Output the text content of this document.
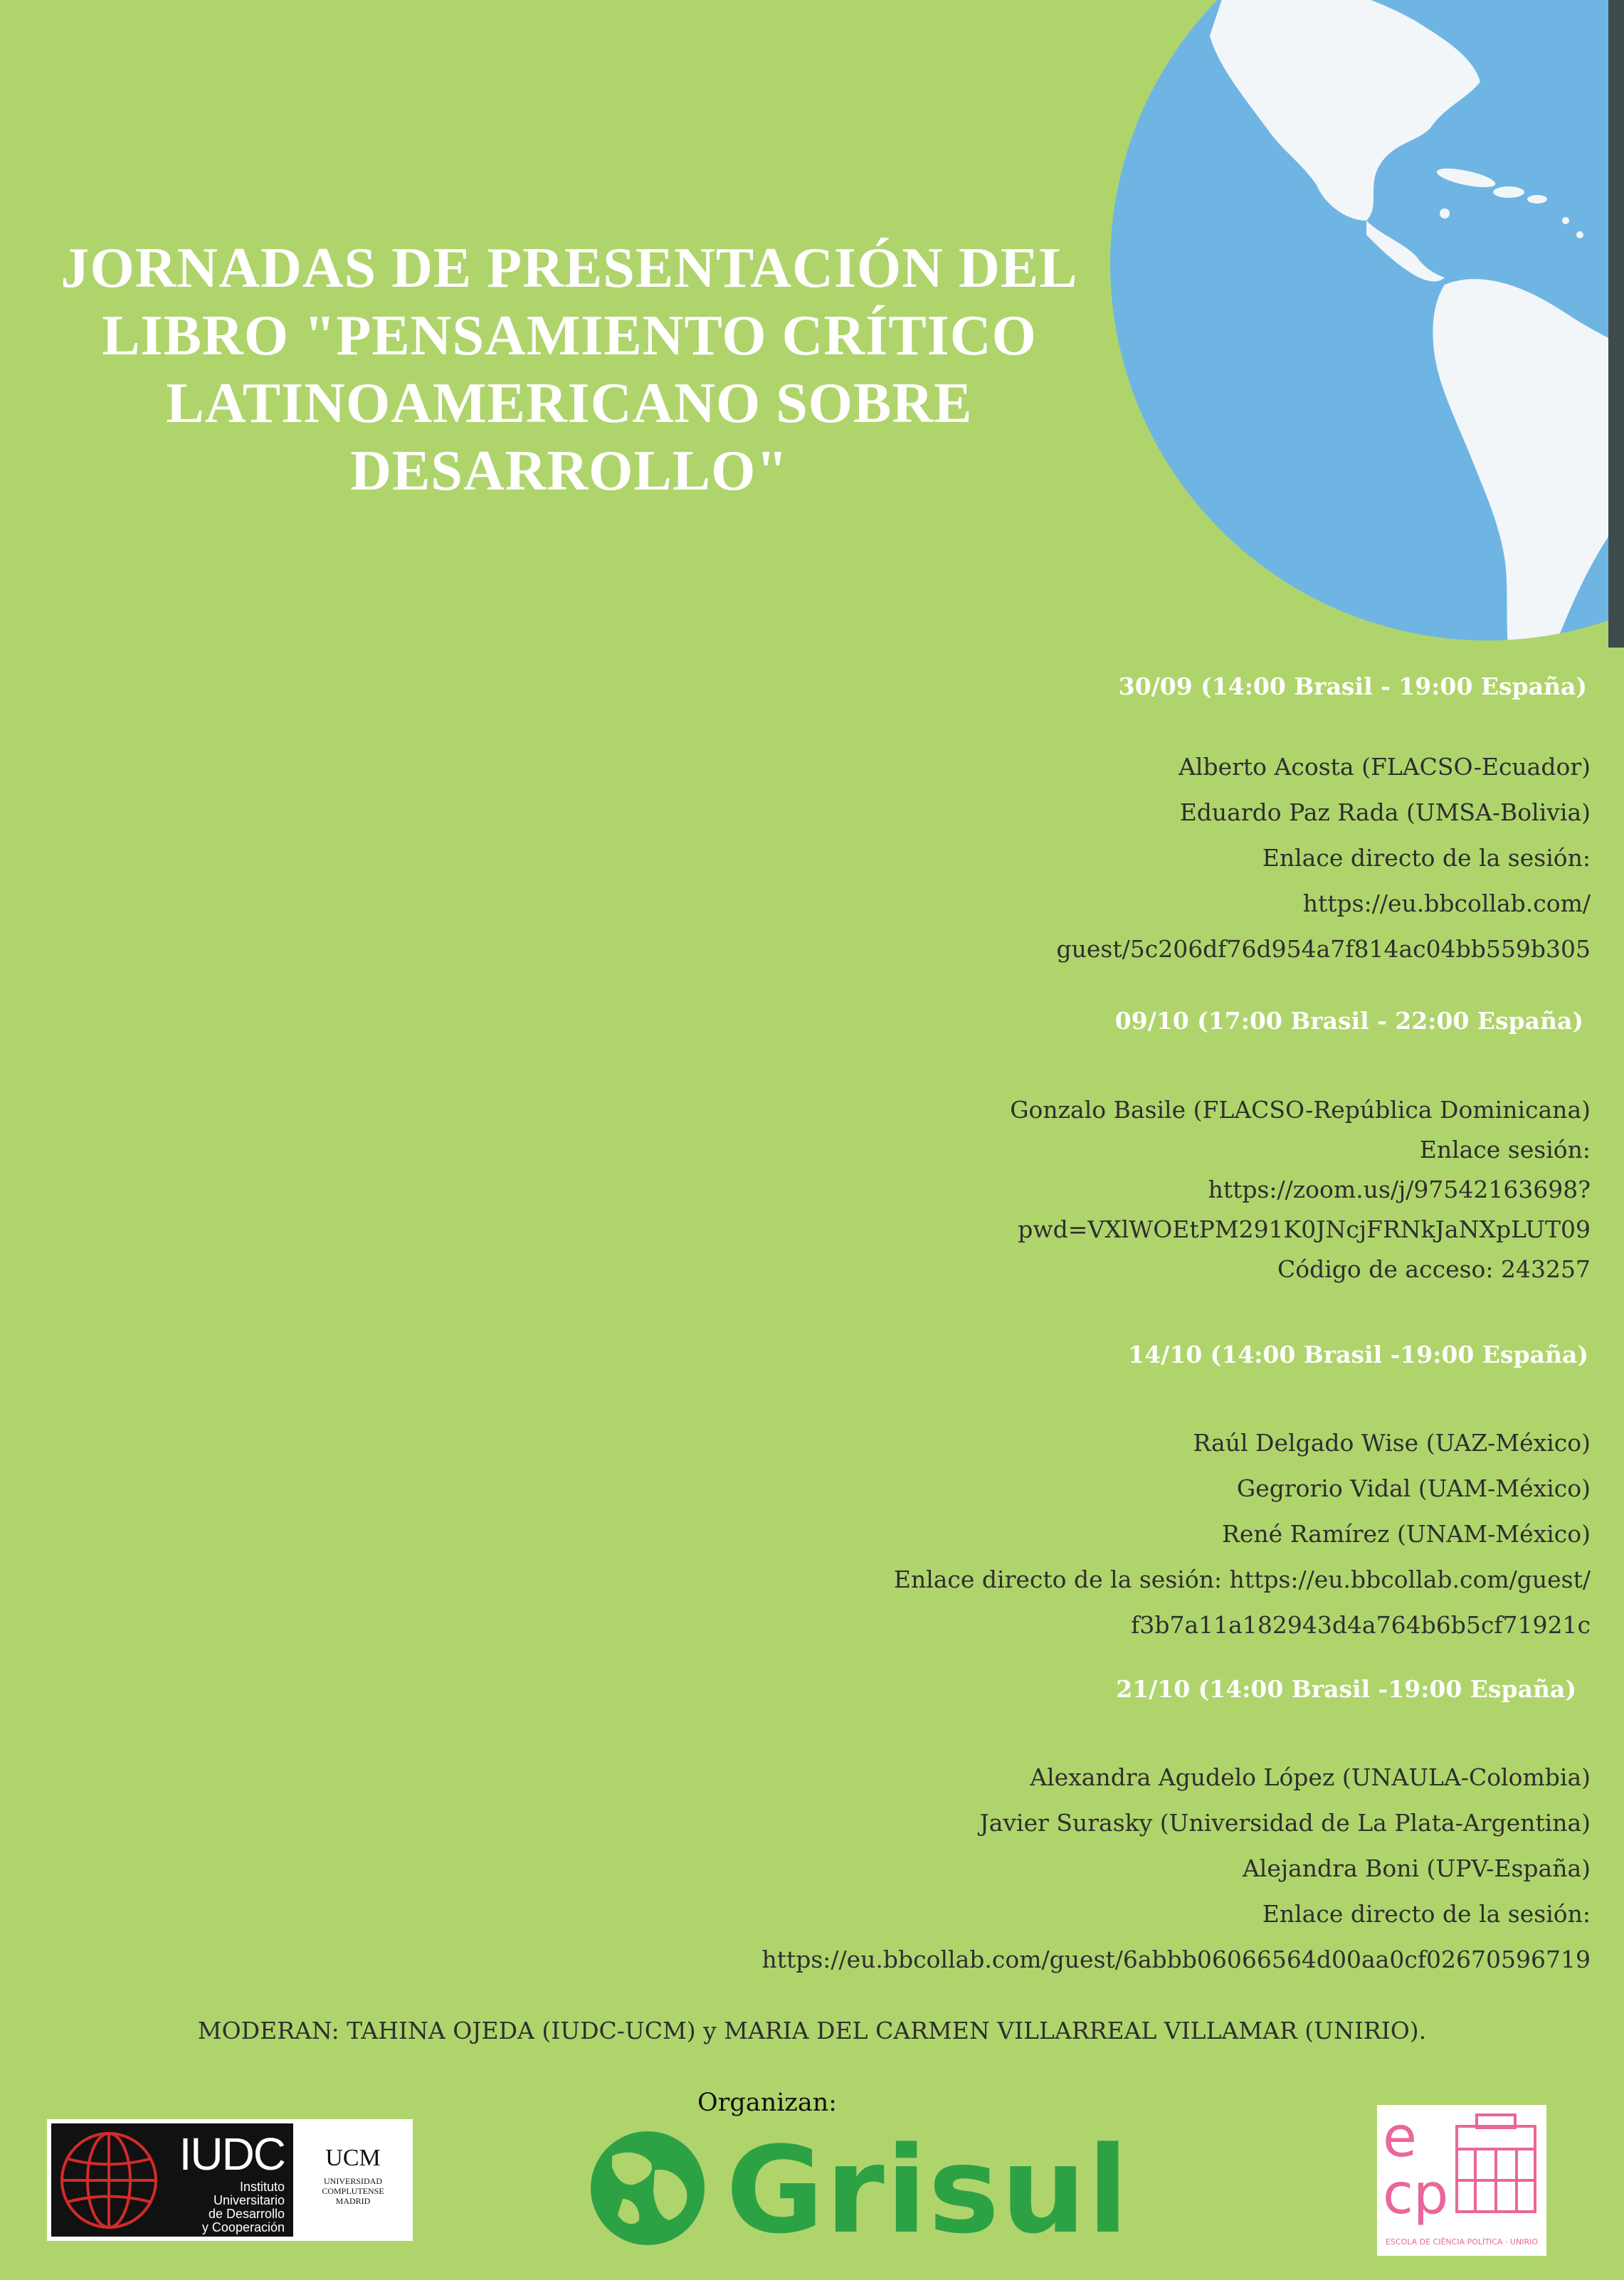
JORNADAS DE PRESENTACIÓN DEL LIBRO "PENSAMIENTO CRÍTICO LATINOAMERICANO SOBRE DESARROLLO"
30/09 (14:00 Brasil - 19:00 España)
Alberto Acosta (FLACSO-Ecuador)
Eduardo Paz Rada (UMSA-Bolivia)
Enlace directo de la sesión:
https://eu.bbcollab.com/
guest/5c206df76d954a7f814ac04bb559b305
09/10 (17:00 Brasil - 22:00 España)
Gonzalo Basile (FLACSO-República Dominicana)
Enlace sesión:
https://zoom.us/j/97542163698?
pwd=VXlWOEtPM291K0JNcjFRNkJaNXpLUT09
Código de acceso: 243257
14/10 (14:00 Brasil -19:00 España)
Raúl Delgado Wise (UAZ-México)
Gegrorio Vidal (UAM-México)
René Ramírez (UNAM-México)
Enlace directo de la sesión: https://eu.bbcollab.com/guest/
f3b7a11a182943d4a764b6b5cf71921c
21/10 (14:00 Brasil -19:00 España)
Alexandra Agudelo López (UNAULA-Colombia)
Javier Surasky (Universidad de La Plata-Argentina)
Alejandra Boni (UPV-España)
Enlace directo de la sesión:
https://eu.bbcollab.com/guest/6abbb06066564d00aa0cf02670596719
MODERAN: TAHINA OJEDA (IUDC-UCM) y MARIA DEL CARMEN VILLARREAL VILLAMAR (UNIRIO).
Organizan:
IUDC
Instituto
Universitario
de Desarrollo
y Cooperación
UCM
UNIVERSIDAD
COMPLUTENSE
MADRID	Grisul	e
cp
ESCOLA DE CIÊNCIA POLÍTICA · UNIRIO
